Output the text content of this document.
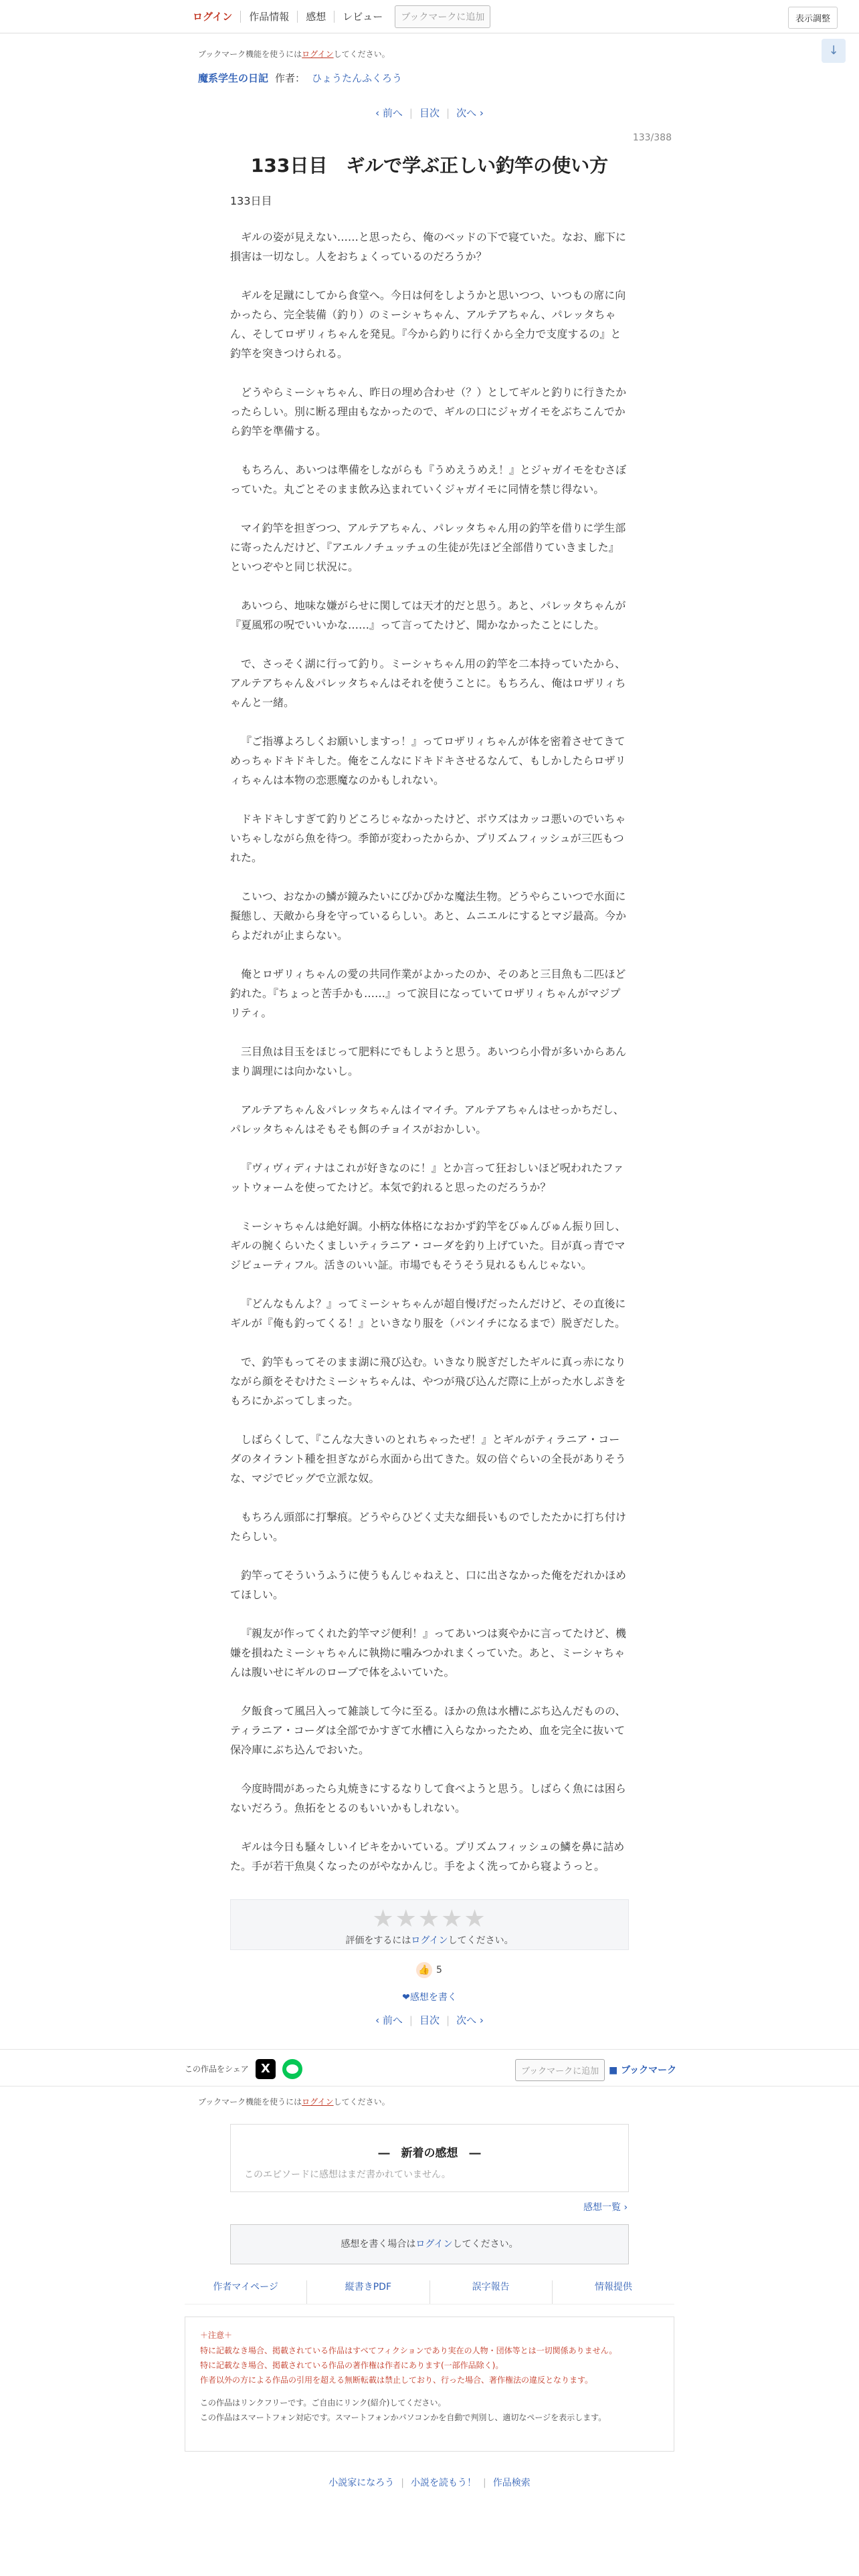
ログイン	作品情報	感想	レビュー	ブックマークに追加	表示調整
ブックマーク機能を使うにはログインしてください。	↓
魔系学生の日記 作者： ひょうたんふくろう
‹ 前へ | 目次 | 次へ ›
133/388
133日目　ギルで学ぶ正しい釣竿の使い方
133日目

ギルの姿が見えない……と思ったら、俺のベッドの下で寝ていた。なお、廊下に損害は一切なし。人をおちょくっているのだろうか？

ギルを足蹴にしてから食堂へ。今日は何をしようかと思いつつ、いつもの席に向かったら、完全装備（釣り）のミーシャちゃん、アルテアちゃん、パレッタちゃん、そしてロザリィちゃんを発見。『今から釣りに行くから全力で支度するの』と釣竿を突きつけられる。

どうやらミーシャちゃん、昨日の埋め合わせ（？）としてギルと釣りに行きたかったらしい。別に断る理由もなかったので、ギルの口にジャガイモをぶちこんでから釣竿を準備する。

もちろん、あいつは準備をしながらも『うめえうめえ！』とジャガイモをむさぼっていた。丸ごとそのまま飲み込まれていくジャガイモに同情を禁じ得ない。

マイ釣竿を担ぎつつ、アルテアちゃん、パレッタちゃん用の釣竿を借りに学生部に寄ったんだけど、『アエルノチュッチュの生徒が先ほど全部借りていきました』といつぞやと同じ状況に。

あいつら、地味な嫌がらせに関しては天才的だと思う。あと、パレッタちゃんが『夏風邪の呪でいいかな……』って言ってたけど、聞かなかったことにした。

で、さっそく湖に行って釣り。ミーシャちゃん用の釣竿を二本持っていたから、アルテアちゃん＆パレッタちゃんはそれを使うことに。もちろん、俺はロザリィちゃんと一緒。

『ご指導よろしくお願いしますっ！』ってロザリィちゃんが体を密着させてきてめっちゃドキドキした。俺をこんなにドキドキさせるなんて、もしかしたらロザリィちゃんは本物の恋悪魔なのかもしれない。

ドキドキしすぎて釣りどころじゃなかったけど、ボウズはカッコ悪いのでいちゃいちゃしながら魚を待つ。季節が変わったからか、プリズムフィッシュが三匹もつれた。

こいつ、おなかの鱗が鏡みたいにぴかぴかな魔法生物。どうやらこいつで水面に擬態し、天敵から身を守っているらしい。あと、ムニエルにするとマジ最高。今からよだれが止まらない。

俺とロザリィちゃんの愛の共同作業がよかったのか、そのあと三目魚も二匹ほど釣れた。『ちょっと苦手かも……』って涙目になっていてロザリィちゃんがマジプリティ。

三目魚は目玉をほじって肥料にでもしようと思う。あいつら小骨が多いからあんまり調理には向かないし。

アルテアちゃん＆パレッタちゃんはイマイチ。アルテアちゃんはせっかちだし、パレッタちゃんはそもそも餌のチョイスがおかしい。

『ヴィヴィディナはこれが好きなのに！』とか言って狂おしいほど呪われたファットウォームを使ってたけど。本気で釣れると思ったのだろうか？

ミーシャちゃんは絶好調。小柄な体格になおかず釣竿をびゅんびゅん振り回し、ギルの腕くらいたくましいティラニア・コーダを釣り上げていた。目が真っ青でマジビューティフル。活きのいい証。市場でもそうそう見れるもんじゃない。

『どんなもんよ？』ってミーシャちゃんが超自慢げだったんだけど、その直後にギルが『俺も釣ってくる！』といきなり服を（パンイチになるまで）脱ぎだした。

で、釣竿もってそのまま湖に飛び込む。いきなり脱ぎだしたギルに真っ赤になりながら顔をそむけたミーシャちゃんは、やつが飛び込んだ際に上がった水しぶきをもろにかぶってしまった。

しばらくして、『こんな大きいのとれちゃったぜ！』とギルがティラニア・コーダのタイラント種を担ぎながら水面から出てきた。奴の倍ぐらいの全長がありそうな、マジでビッグで立派な奴。

もちろん頭部に打撃痕。どうやらひどく丈夫な細長いものでしたたかに打ち付けたらしい。

釣竿ってそういうふうに使うもんじゃねえと、口に出さなかった俺をだれかほめてほしい。

『親友が作ってくれた釣竿マジ便利！』ってあいつは爽やかに言ってたけど、機嫌を損ねたミーシャちゃんに執拗に噛みつかれまくっていた。あと、ミーシャちゃんは腹いせにギルのローブで体をふいていた。

夕飯食って風呂入って雑談して今に至る。ほかの魚は水槽にぶち込んだものの、ティラニア・コーダは全部でかすぎて水槽に入らなかったため、血を完全に抜いて保冷庫にぶち込んでおいた。

今度時間があったら丸焼きにするなりして食べようと思う。しばらく魚には困らないだろう。魚拓をとるのもいいかもしれない。

ギルは今日も騒々しいイビキをかいている。プリズムフィッシュの鱗を鼻に詰めた。手が若干魚臭くなったのがやなかんじ。手をよく洗ってから寝ようっと。

★★★★★
評価をするにはログインしてください。
👍 5
❤感想を書く
‹ 前へ | 目次 | 次へ ›
この作品をシェア	X	ブックマークに追加	■ ブックマーク
ブックマーク機能を使うにはログインしてください。
―　新着の感想　―
このエピソードに感想はまだ書かれていません。
感想一覧 ›
感想を書く場合はログインしてください。
作者マイページ	縦書きPDF	誤字報告	情報提供
＋注意＋
特に記載なき場合、掲載されている作品はすべてフィクションであり実在の人物・団体等とは一切関係ありません。
特に記載なき場合、掲載されている作品の著作権は作者にあります(一部作品除く)。
作者以外の方による作品の引用を超える無断転載は禁止しており、行った場合、著作権法の違反となります。
この作品はリンクフリーです。ご自由にリンク(紹介)してください。
この作品はスマートフォン対応です。スマートフォンかパソコンかを自動で判別し、適切なページを表示します。
小説家になろう | 小説を読もう！ | 作品検索
